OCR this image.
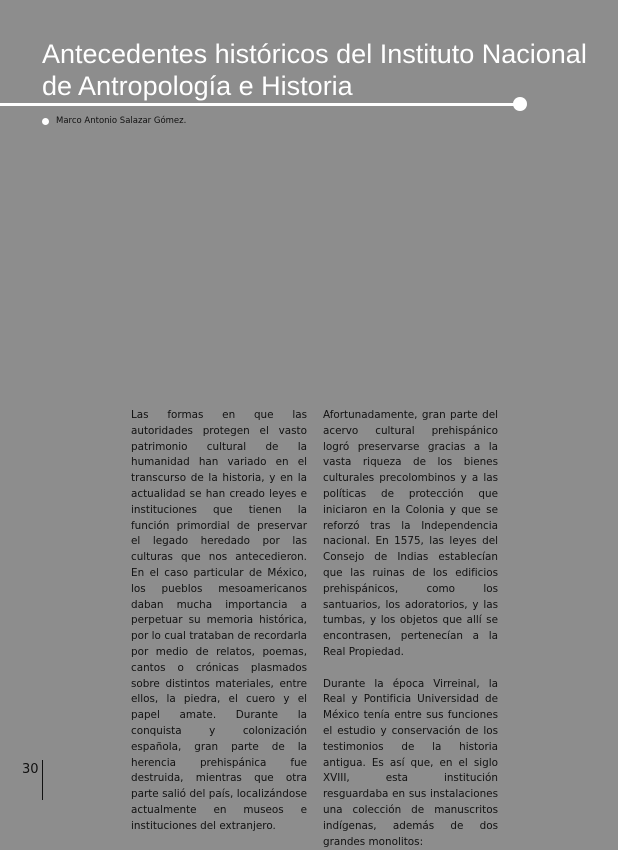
Antecedentes históricos del Instituto Nacional de Antropología e Historia
Marco Antonio Salazar Gómez.

Las formas en que las autoridades protegen el vasto patrimonio cultural de la humanidad han variado en el transcurso de la historia, y en la actualidad se han creado leyes e instituciones que tienen la función primordial de preservar el legado heredado por las culturas que nos antecedieron. En el caso particular de México, los pueblos mesoamericanos daban mucha importancia a perpetuar su memoria histórica, por lo cual trataban de recordarla por medio de relatos, poemas, cantos o crónicas plasmados sobre distintos materiales, entre ellos, la piedra, el cuero y el papel amate. Durante la conquista y colonización española, gran parte de la herencia prehispánica fue destruida, mientras que otra parte salió del país, localizándose actualmente en museos e instituciones del extranjero.

Afortunadamente, gran parte del acervo cultural prehispánico logró preservarse gracias a la vasta riqueza de los bienes culturales precolombinos y a las políticas de protección que iniciaron en la Colonia y que se reforzó tras la Independencia nacional. En 1575, las leyes del Consejo de Indias establecían que las ruinas de los edificios prehispánicos, como los santuarios, los adoratorios, y las tumbas, y los objetos que allí se encontrasen, pertenecían a la Real Propiedad.

Durante la época Virreinal, la Real y Pontificia Universidad de México tenía entre sus funciones el estudio y conservación de los testimonios de la historia antigua. Es así que, en el siglo XVIII, esta institución resguardaba en sus instalaciones una colección de manuscritos indígenas, además de dos grandes monolitos:

30
